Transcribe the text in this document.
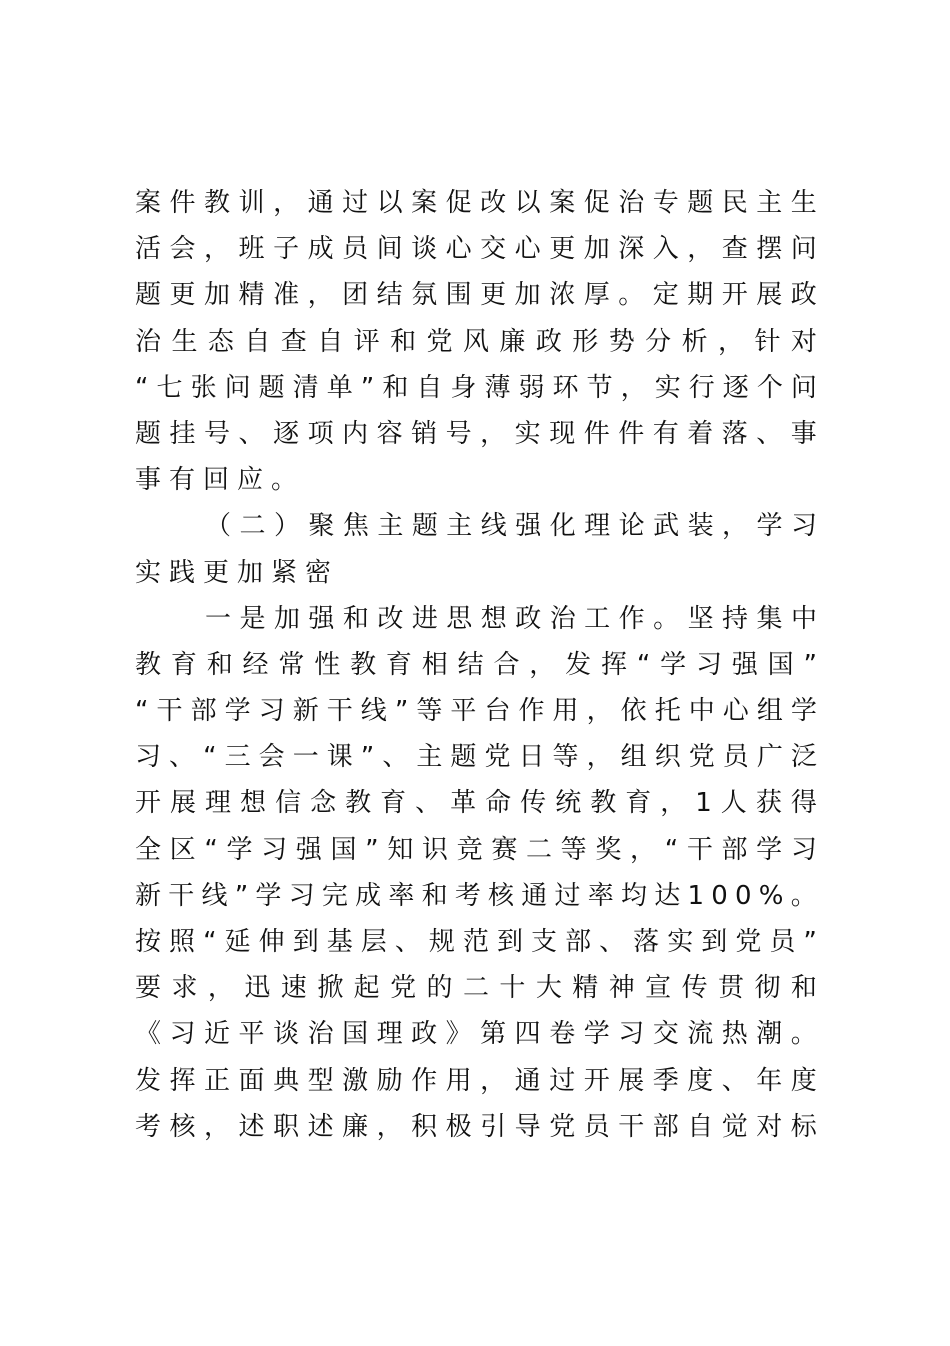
案 件 教 训 ， 通 过 以 案 促 改 以 案 促 治 专 题 民 主 生
活 会 ， 班 子 成 员 间 谈 心 交 心 更 加 深 入 ， 查 摆 问
题 更 加 精 准 ， 团 结 氛 围 更 加 浓 厚 。 定 期 开 展 政
治 生 态 自 查 自 评 和 党 风 廉 政 形 势 分 析 ， 针 对
“ 七 张 问 题 清 单 ” 和 自 身 薄 弱 环 节 ， 实 行 逐 个 问
题 挂 号 、 逐 项 内 容 销 号 ， 实 现 件 件 有 着 落 、 事
事有回应。
（ 二 ） 聚 焦 主 题 主 线 强 化 理 论 武 装 ， 学 习
实践更加紧密
一 是 加 强 和 改 进 思 想 政 治 工 作 。 坚 持 集 中
教 育 和 经 常 性 教 育 相 结 合 ， 发 挥 “ 学 习 强 国 ”
“ 干 部 学 习 新 干 线 ” 等 平 台 作 用 ， 依 托 中 心 组 学
习 、 “ 三 会 一 课 ” 、 主 题 党 日 等 ， 组 织 党 员 广 泛
开 展 理 想 信 念 教 育 、 革 命 传 统 教 育 ， 1 人 获 得
全 区 “ 学 习 强 国 ” 知 识 竞 赛 二 等 奖 ， “ 干 部 学 习
新 干 线 ” 学 习 完 成 率 和 考 核 通 过 率 均 达 1 0 0 % 。
按 照 “ 延 伸 到 基 层 、 规 范 到 支 部 、 落 实 到 党 员 ”
要 求 ， 迅 速 掀 起 党 的 二 十 大 精 神 宣 传 贯 彻 和
《 习 近 平 谈 治 国 理 政 》 第 四 卷 学 习 交 流 热 潮 。
发 挥 正 面 典 型 激 励 作 用 ， 通 过 开 展 季 度 、 年 度
考 核 ， 述 职 述 廉 ， 积 极 引 导 党 员 干 部 自 觉 对 标
